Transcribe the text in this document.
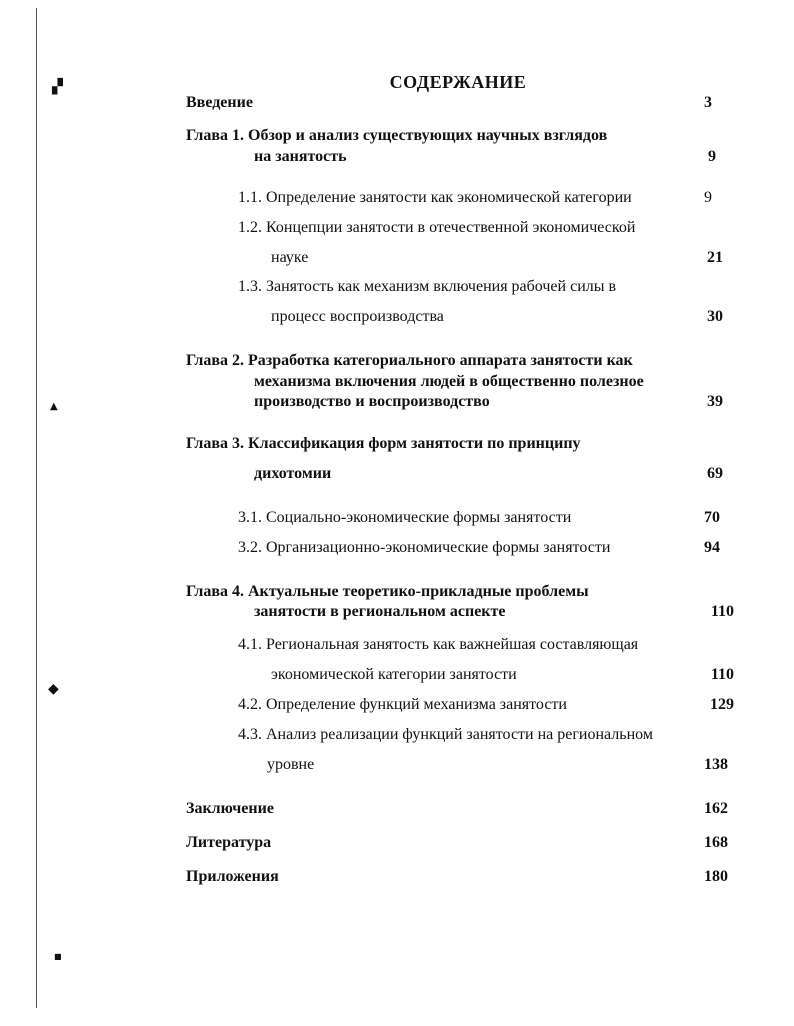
▞
▲
◆
■
СОДЕРЖАНИЕ
Введение	3
Глава 1. Обзор и анализ существующих научных взглядов
на занятость	9
1.1. Определение занятости как экономической категории	9
1.2. Концепции занятости в отечественной экономической
науке	21
1.3. Занятость как механизм включения рабочей силы в
процесс воспроизводства	30
Глава 2. Разработка категориального аппарата занятости как
механизма включения людей в общественно полезное
производство и воспроизводство	39
Глава 3. Классификация форм занятости по принципу
дихотомии	69
3.1. Социально-экономические формы занятости	70
3.2. Организационно-экономические формы занятости	94
Глава 4. Актуальные теоретико-прикладные проблемы
занятости в региональном аспекте	110
4.1. Региональная занятость как важнейшая составляющая
экономической категории занятости	110
4.2. Определение функций механизма занятости	129
4.3. Анализ реализации функций занятости на региональном
уровне	138
Заключение	162
Литература	168
Приложения	180
